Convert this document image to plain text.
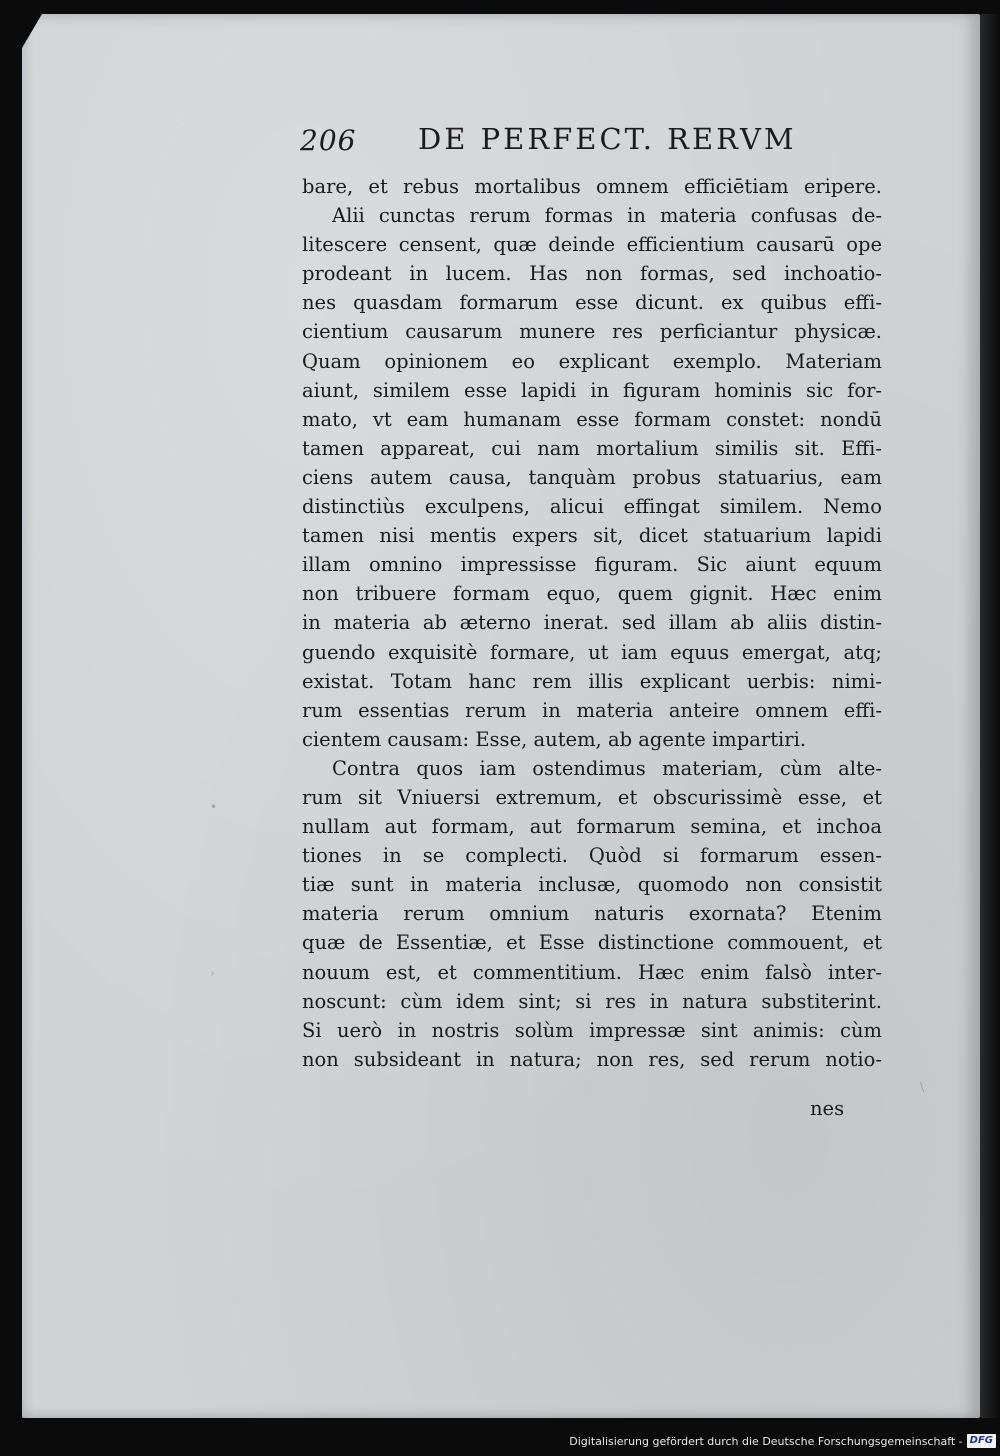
•
›
\
206 DE PERFECT. RERVM
bare, et rebus mortalibus omnem efficiētiam eripere.
Alii cunctas rerum formas in materia confusas de-
litescere censent, quæ deinde efficientium causarū ope
prodeant in lucem. Has non formas, sed inchoatio-
nes quasdam formarum esse dicunt. ex quibus effi-
cientium causarum munere res perficiantur physicæ.
Quam opinionem eo explicant exemplo. Materiam
aiunt, similem esse lapidi in figuram hominis sic for-
mato, vt eam humanam esse formam constet: nondū
tamen appareat, cui nam mortalium similis sit. Effi-
ciens autem causa, tanquàm probus statuarius, eam
distinctiùs exculpens, alicui effingat similem. Nemo
tamen nisi mentis expers sit, dicet statuarium lapidi
illam omnino impressisse figuram. Sic aiunt equum
non tribuere formam equo, quem gignit. Hæc enim
in materia ab æterno inerat. sed illam ab aliis distin-
guendo exquisitè formare, ut iam equus emergat, atq;
existat. Totam hanc rem illis explicant uerbis: nimi-
rum essentias rerum in materia anteire omnem effi-
cientem causam: Esse, autem, ab agente impartiri.
Contra quos iam ostendimus materiam, cùm alte-
rum sit Vniuersi extremum, et obscurissimè esse, et
nullam aut formam, aut formarum semina, et inchoa
tiones in se complecti. Quòd si formarum essen-
tiæ sunt in materia inclusæ, quomodo non consistit
materia rerum omnium naturis exornata? Etenim
quæ de Essentiæ, et Esse distinctione commouent, et
nouum est, et commentitium. Hæc enim falsò inter-
noscunt: cùm idem sint; si res in natura substiterint.
Si uerò in nostris solùm impressæ sint animis: cùm
non subsideant in natura; non res, sed rerum notio-
nes
Digitalisierung gefördert durch die Deutsche Forschungsgemeinschaft - DFG
